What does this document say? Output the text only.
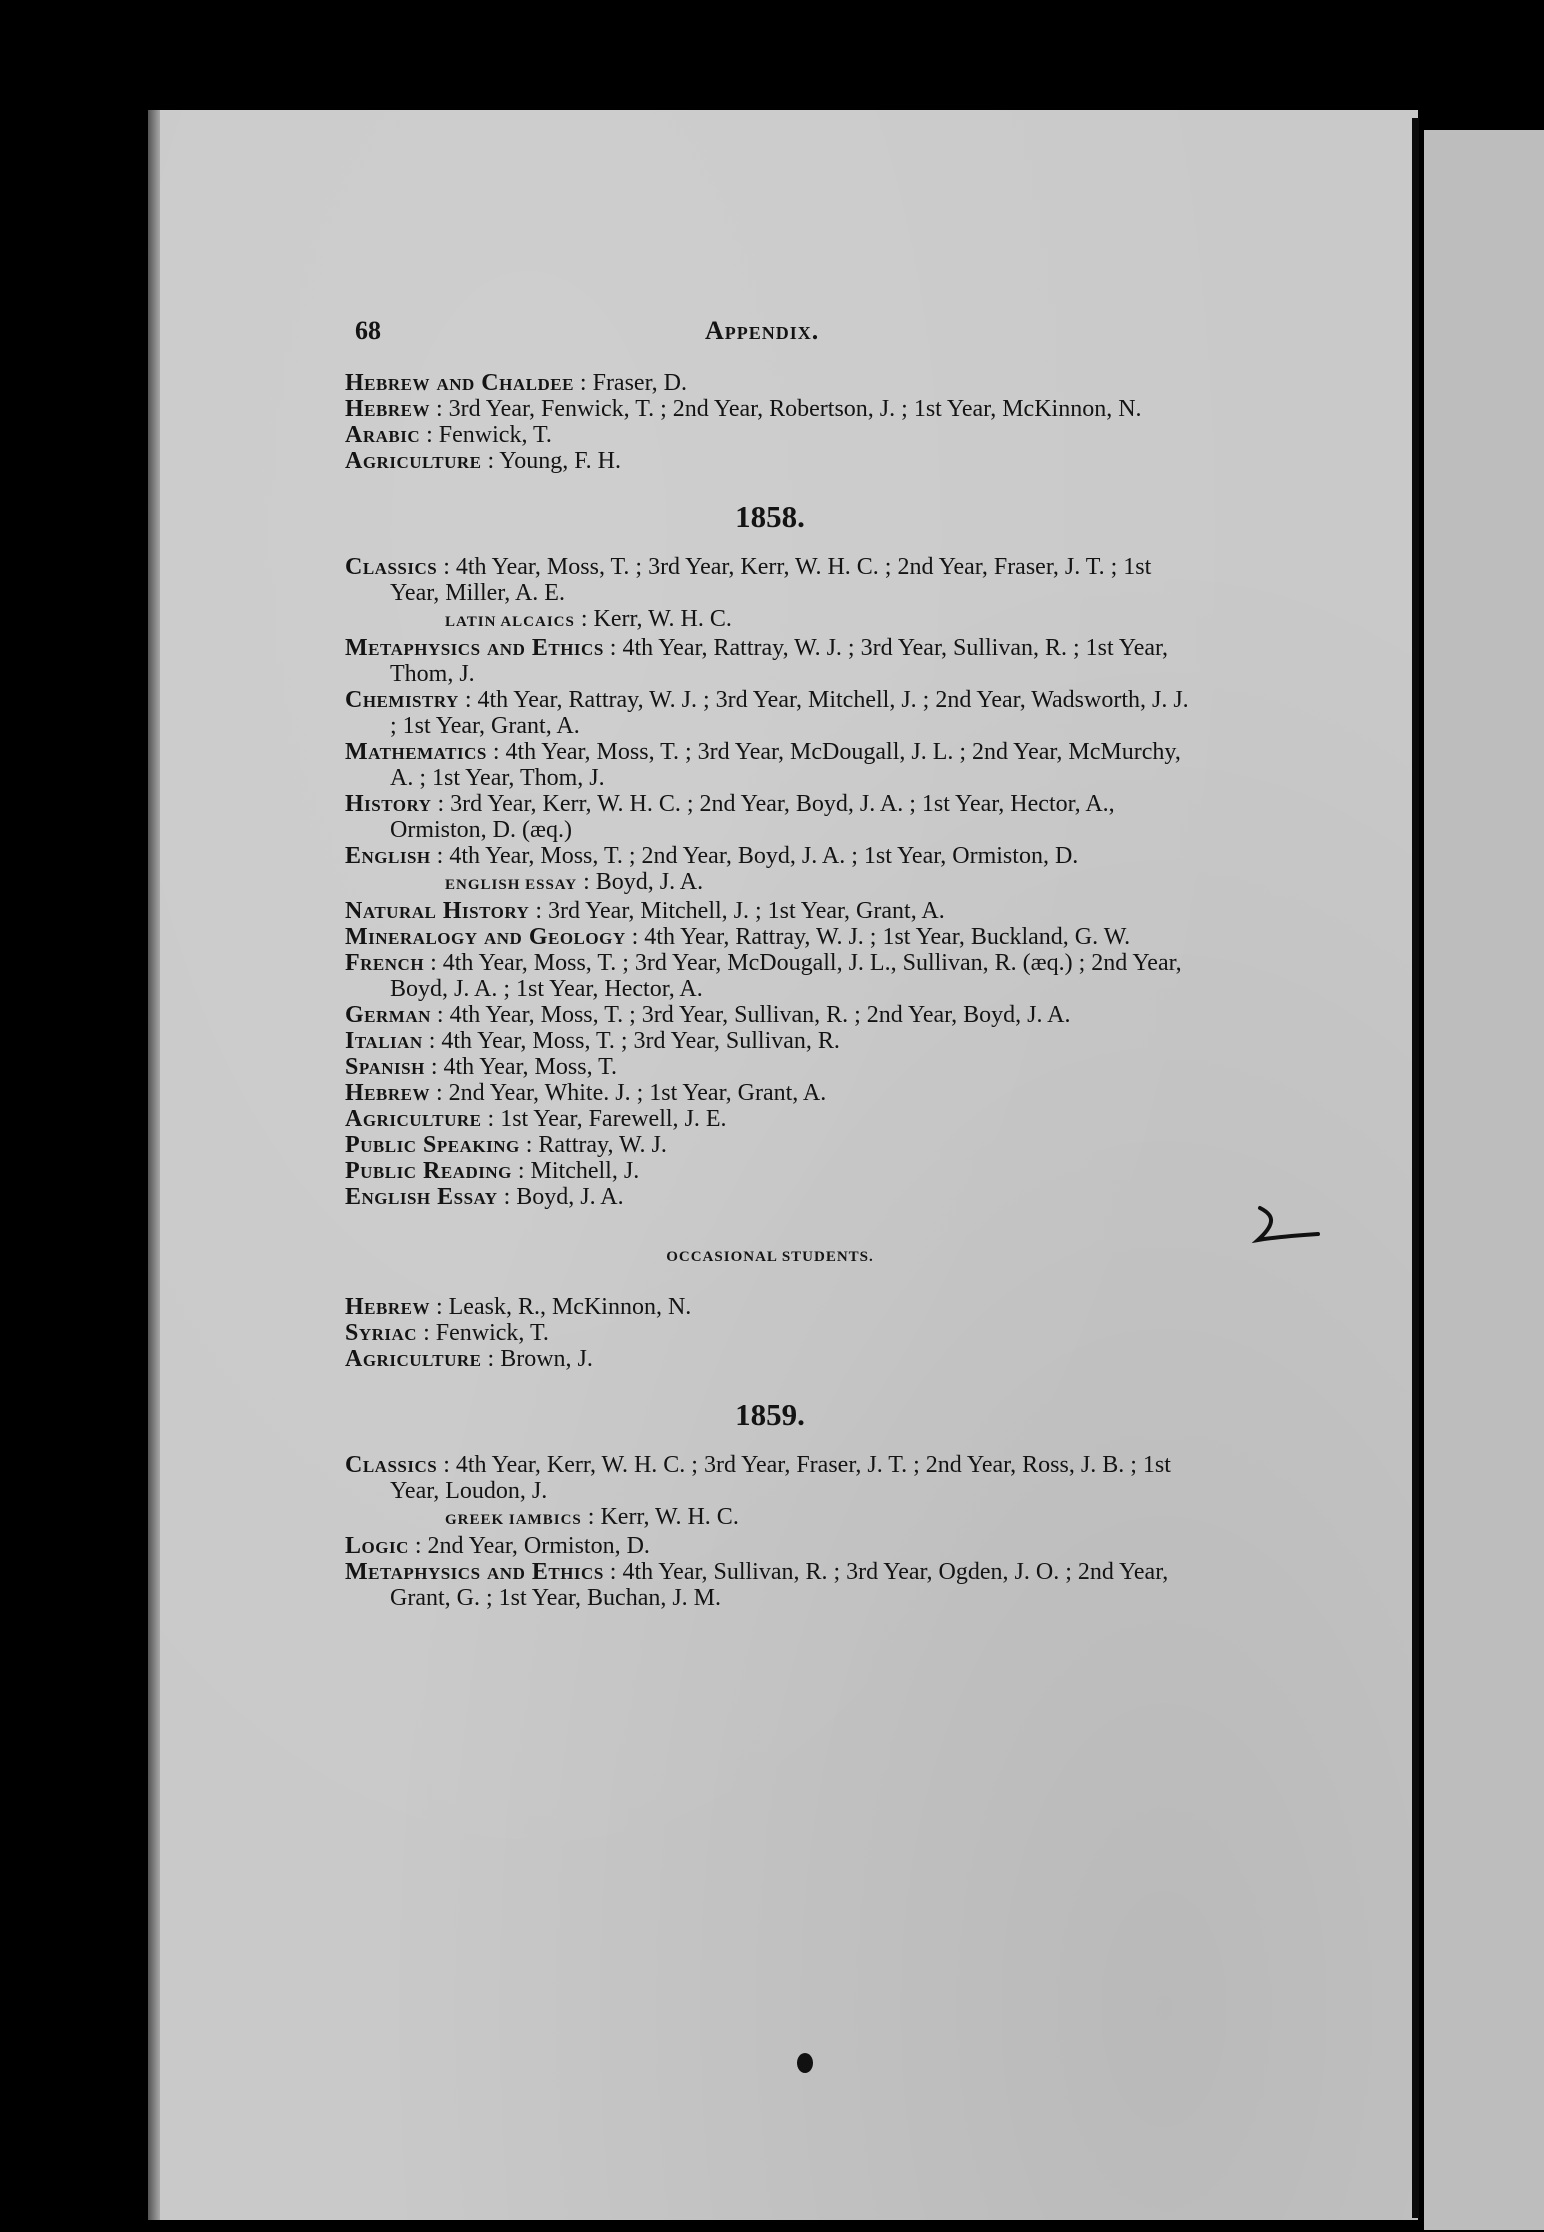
68	Appendix.

Hebrew and Chaldee : Fraser, D.

Hebrew : 3rd Year, Fenwick, T. ; 2nd Year, Robertson, J. ; 1st Year, McKinnon, N.

Arabic : Fenwick, T.

Agriculture : Young, F. H.

1858.

Classics : 4th Year, Moss, T. ; 3rd Year, Kerr, W. H. C. ; 2nd Year, Fraser, J. T. ; 1st Year, Miller, A. E.

LATIN ALCAICS : Kerr, W. H. C.

Metaphysics and Ethics : 4th Year, Rattray, W. J. ; 3rd Year, Sullivan, R. ; 1st Year, Thom, J.

Chemistry : 4th Year, Rattray, W. J. ; 3rd Year, Mitchell, J. ; 2nd Year, Wadsworth, J. J. ; 1st Year, Grant, A.

Mathematics : 4th Year, Moss, T. ; 3rd Year, McDougall, J. L. ; 2nd Year, McMurchy, A. ; 1st Year, Thom, J.

History : 3rd Year, Kerr, W. H. C. ; 2nd Year, Boyd, J. A. ; 1st Year, Hector, A., Ormiston, D. (æq.)

English : 4th Year, Moss, T. ; 2nd Year, Boyd, J. A. ; 1st Year, Ormiston, D.

ENGLISH ESSAY : Boyd, J. A.

Natural History : 3rd Year, Mitchell, J. ; 1st Year, Grant, A.

Mineralogy and Geology : 4th Year, Rattray, W. J. ; 1st Year, Buckland, G. W.

French : 4th Year, Moss, T. ; 3rd Year, McDougall, J. L., Sullivan, R. (æq.) ; 2nd Year, Boyd, J. A. ; 1st Year, Hector, A.

German : 4th Year, Moss, T. ; 3rd Year, Sullivan, R. ; 2nd Year, Boyd, J. A.

Italian : 4th Year, Moss, T. ; 3rd Year, Sullivan, R.

Spanish : 4th Year, Moss, T.

Hebrew : 2nd Year, White. J. ; 1st Year, Grant, A.

Agriculture : 1st Year, Farewell, J. E.

Public Speaking : Rattray, W. J.

Public Reading : Mitchell, J.

English Essay : Boyd, J. A.

OCCASIONAL STUDENTS.

Hebrew : Leask, R., McKinnon, N.

Syriac : Fenwick, T.

Agriculture : Brown, J.

1859.

Classics : 4th Year, Kerr, W. H. C. ; 3rd Year, Fraser, J. T. ; 2nd Year, Ross, J. B. ; 1st Year, Loudon, J.

GREEK IAMBICS : Kerr, W. H. C.

Logic : 2nd Year, Ormiston, D.

Metaphysics and Ethics : 4th Year, Sullivan, R. ; 3rd Year, Ogden, J. O. ; 2nd Year, Grant, G. ; 1st Year, Buchan, J. M.
